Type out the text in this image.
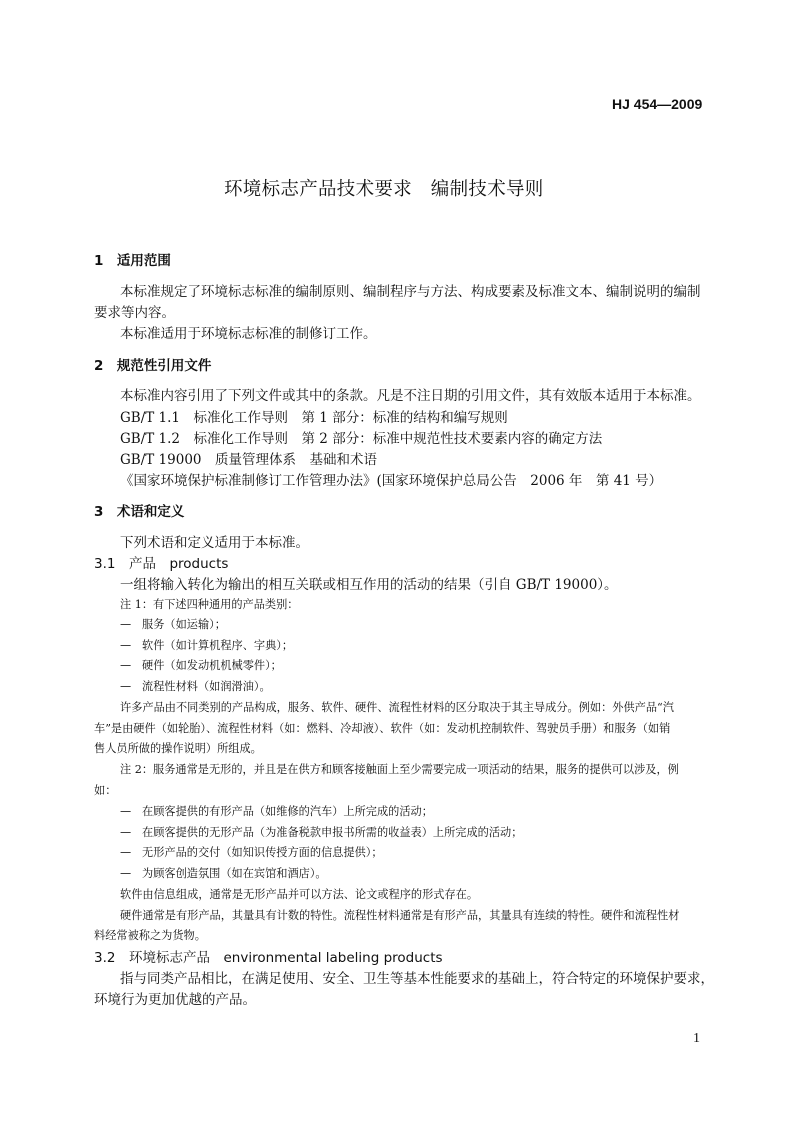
HJ 454—2009
环境标志产品技术要求　编制技术导则
1　适用范围
本标准规定了环境标志标准的编制原则、编制程序与方法、构成要素及标准文本、编制说明的编制
要求等内容。
本标准适用于环境标志标准的制修订工作。
2　规范性引用文件
本标准内容引用了下列文件或其中的条款。凡是不注日期的引用文件，其有效版本适用于本标准。
GB/T 1.1　标准化工作导则　第 1 部分：标准的结构和编写规则
GB/T 1.2　标准化工作导则　第 2 部分：标准中规范性技术要素内容的确定方法
GB/T 19000　质量管理体系　基础和术语
《国家环境保护标准制修订工作管理办法》(国家环境保护总局公告　2006 年　第 41 号）
3　术语和定义
下列术语和定义适用于本标准。
3.1　产品　products
一组将输入转化为输出的相互关联或相互作用的活动的结果（引自 GB/T 19000）。
注 1：有下述四种通用的产品类别：
— 服务（如运输）；
— 软件（如计算机程序、字典）；
— 硬件（如发动机机械零件）；
— 流程性材料（如润滑油）。
许多产品由不同类别的产品构成，服务、软件、硬件、流程性材料的区分取决于其主导成分。例如：外供产品“汽
车”是由硬件（如轮胎）、流程性材料（如：燃料、冷却液）、软件（如：发动机控制软件、驾驶员手册）和服务（如销
售人员所做的操作说明）所组成。
注 2：服务通常是无形的，并且是在供方和顾客接触面上至少需要完成一项活动的结果，服务的提供可以涉及，例
如：
— 在顾客提供的有形产品（如维修的汽车）上所完成的活动；
— 在顾客提供的无形产品（为准备税款申报书所需的收益表）上所完成的活动；
— 无形产品的交付（如知识传授方面的信息提供）；
— 为顾客创造氛围（如在宾馆和酒店）。
软件由信息组成，通常是无形产品并可以方法、论文或程序的形式存在。
硬件通常是有形产品，其量具有计数的特性。流程性材料通常是有形产品，其量具有连续的特性。硬件和流程性材
料经常被称之为货物。
3.2　环境标志产品　environmental labeling products
指与同类产品相比，在满足使用、安全、卫生等基本性能要求的基础上，符合特定的环境保护要求，
环境行为更加优越的产品。
1
